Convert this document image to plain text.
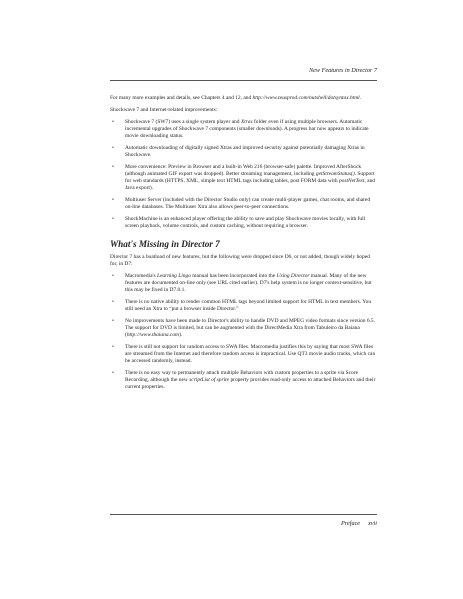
New Features in Director 7

For many more examples and details, see Chapters 4 and 12, and http://www.zeusprod.com/nutshell/dotsyntax.html.

Shockwave 7 and Internet-related improvements:

• Shockwave 7 (SW7) uses a single system player and Xtras folder even if using multiple browsers. Automatic incremental upgrades of Shockwave 7 components (smaller downloads). A progress bar now appears to indicate movie downloading status.
• Automatic downloading of digitally signed Xtras and improved security against potentially damaging Xtras in Shockwave.
• More convenience: Preview in Browser and a built-in Web 216 (browser-safe) palette. Improved AfterShock (although animated GIF export was dropped). Better streaming management, including getStreamStatus(). Support for web standards (HTTPS, XML, simple text HTML tags including tables, post FORM data with postNetText, and Java export).
• Multiuser Server (included with the Director Studio only) can create multi-player games, chat rooms, and shared on-line databases. The Multiuser Xtra also allows peer-to-peer connections.
• ShockMachine is an enhanced player offering the ability to save and play Shockwave movies locally, with full screen playback, volume controls, and custom caching, without requiring a browser.
What's Missing in Director 7

Director 7 has a boatload of new features, but the following were dropped since D6, or not added, though widely hoped for, in D7:

• Macromedia's Learning Lingo manual has been incorporated into the Using Director manual. Many of the new features are documented on-line only (see URL cited earlier). D7's help system is no longer context-sensitive, but this may be fixed in D7.0.1.
• There is no native ability to render common HTML tags beyond limited support for HTML in text members. You still need an Xtra to “put a browser inside Director.”
• No improvements have been made to Director's ability to handle DVD and MPEG video formats since version 6.5. The support for DVD is limited, but can be augmented with the DirectMedia Xtra from Tabuleiro da Baiana (http://www.tbaiana.com).
• There is still not support for random access to SWA files. Macromedia justifies this by saying that most SWA files are streamed from the Internet and therefore random access is impractical. Use QT3 movie audio tracks, which can be accessed randomly, instead.
• There is no easy way to permanently attach multiple Behaviors with custom properties to a sprite via Score Recording, although the new scriptList of sprite property provides read-only access to attached Behaviors and their current properties.
Preface xvii
